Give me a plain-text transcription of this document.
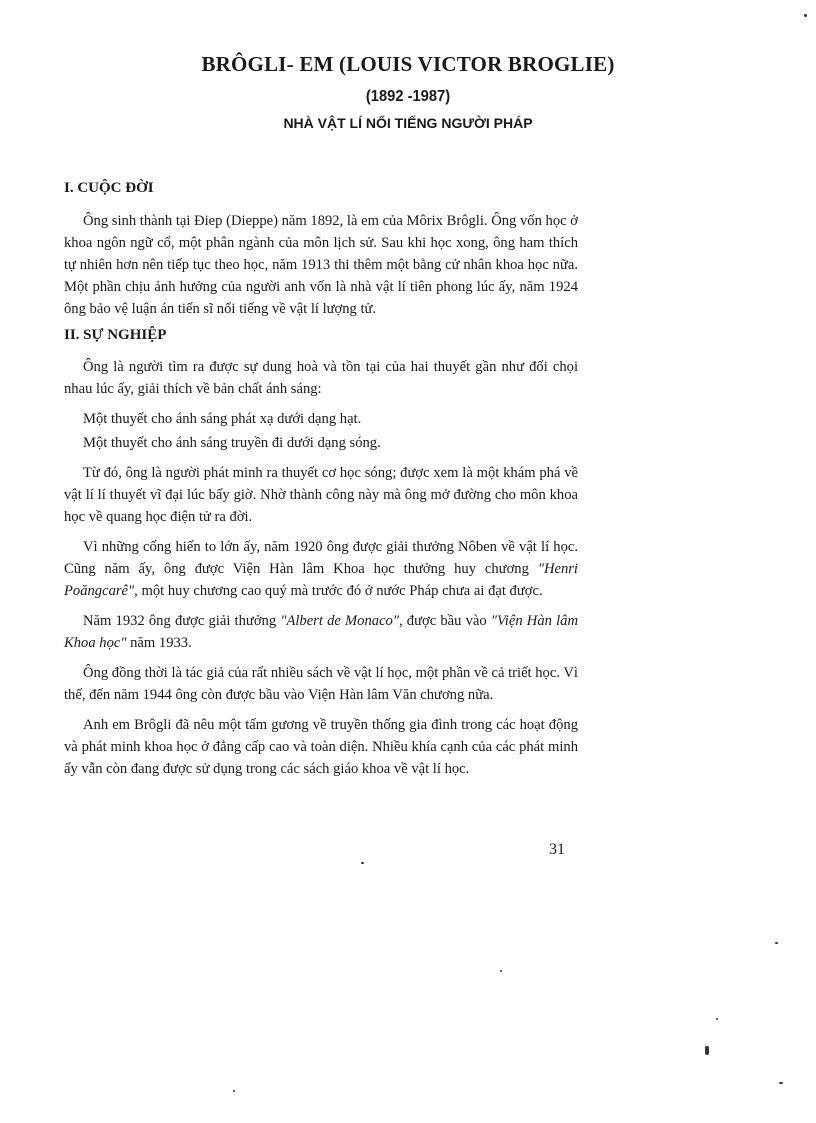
BRÔGLI- EM (LOUIS VICTOR BROGLIE)
(1892 -1987)
NHÀ VẬT LÍ NỔI TIẾNG NGƯỜI PHÁP
I. CUỘC ĐỜI

Ông sinh thành tại Điep (Dieppe) năm 1892, là em của Môrix Brôgli. Ông vốn học ở khoa ngôn ngữ cổ, một phân ngành của môn lịch sử. Sau khi học xong, ông ham thích tự nhiên hơn nên tiếp tục theo học, năm 1913 thi thêm một bằng cử nhân khoa học nữa. Một phần chịu ảnh hưởng của người anh vốn là nhà vật lí tiên phong lúc ấy, năm 1924 ông bảo vệ luận án tiến sĩ nổi tiếng về vật lí lượng tử.

II. SỰ NGHIỆP

Ông là người tìm ra được sự dung hoà và tồn tại của hai thuyết gần như đối chọi nhau lúc ấy, giải thích về bản chất ánh sáng:

Một thuyết cho ánh sáng phát xạ dưới dạng hạt.

Một thuyết cho ánh sáng truyền đi dưới dạng sóng.

Từ đó, ông là người phát minh ra thuyết cơ học sóng; được xem là một khám phá về vật lí lí thuyết vĩ đại lúc bấy giờ. Nhờ thành công này mà ông mở đường cho môn khoa học về quang học điện tử ra đời.

Vì những cống hiến to lớn ấy, năm 1920 ông được giải thưởng Nôben về vật lí học. Cũng năm ấy, ông được Viện Hàn lâm Khoa học thưởng huy chương "Henri Poăngcarê", một huy chương cao quý mà trước đó ở nước Pháp chưa ai đạt được.

Năm 1932 ông được giải thưởng "Albert de Monaco", được bầu vào "Viện Hàn lâm Khoa học" năm 1933.

Ông đồng thời là tác giả của rất nhiều sách về vật lí học, một phần về cả triết học. Vì thế, đến năm 1944 ông còn được bầu vào Viện Hàn lâm Văn chương nữa.

Anh em Brôgli đã nêu một tấm gương về truyền thống gia đình trong các hoạt động và phát minh khoa học ở đẳng cấp cao và toàn diện. Nhiều khía cạnh của các phát minh ấy vẫn còn đang được sử dụng trong các sách giáo khoa về vật lí học.

31
